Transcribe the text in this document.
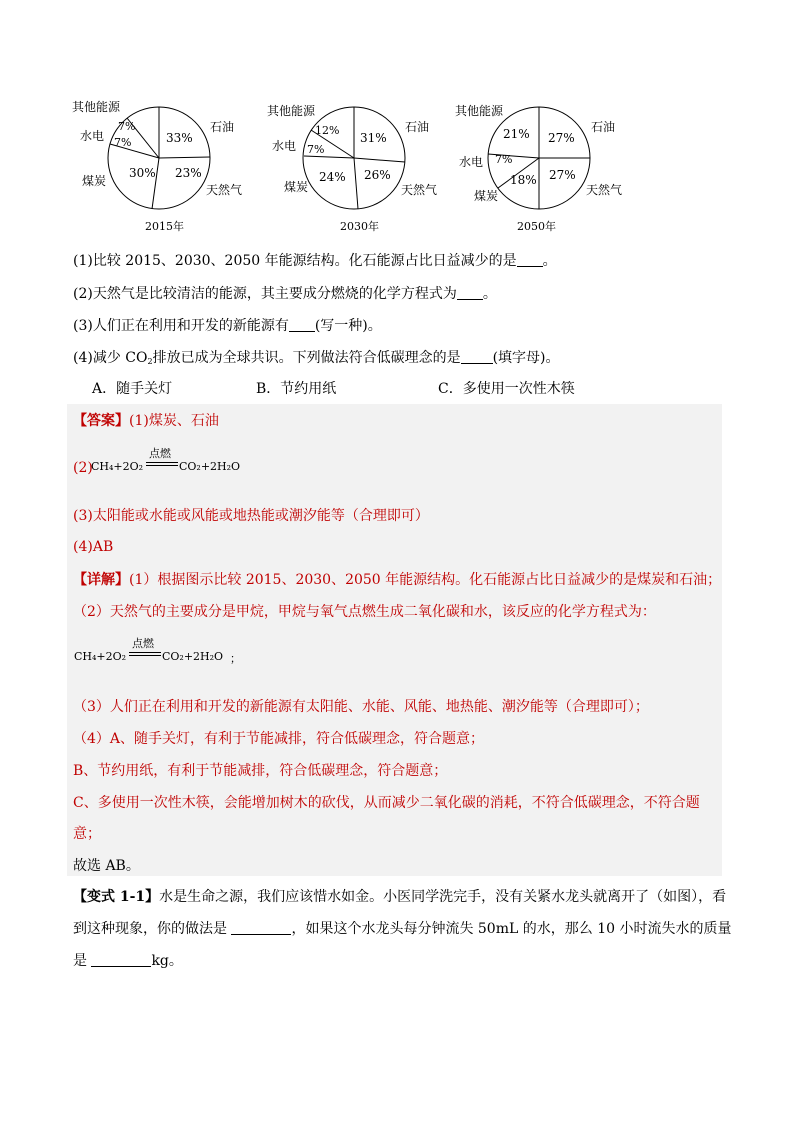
7%
7%	33%
23%
30%
其他能源
石油
水电
煤炭
天然气
2015年
12%
7%
31%
26%
24%
其他能源
石油
水电
煤炭	天然气
2030年
21%
7%
27%
27%
18%
其他能源
石油
水电
煤炭	天然气
2050年
(1)比较 2015、2030、2050 年能源结构。化石能源占比日益减少的是 。
(2)天然气是比较清洁的能源，其主要成分燃烧的化学方程式为 。
(3)人们正在利用和开发的新能源有 (写一种)。
(4)减少 $CO_2$排放已成为全球共识。下列做法符合低碳理念的是 (填字母)。
A．随手关灯	B．节约用纸	C．多使用一次性木筷
【答案】(1)煤炭、石油
(2)
CH₄+2O₂
点燃
CO₂+2H₂O
(3)太阳能或水能或风能或地热能或潮汐能等（合理即可）
(4)AB
【详解】(1）根据图示比较 2015、2030、2050 年能源结构。化石能源占比日益减少的是煤炭和石油；
（2）天然气的主要成分是甲烷，甲烷与氧气点燃生成二氧化碳和水，该反应的化学方程式为：
CH₄+2O₂
点燃
CO₂+2H₂O ；
（3）人们正在利用和开发的新能源有太阳能、水能、风能、地热能、潮汐能等（合理即可）；
（4）A、随手关灯，有利于节能减排，符合低碳理念，符合题意；
B、节约用纸，有利于节能减排，符合低碳理念，符合题意；
C、多使用一次性木筷，会能增加树木的砍伐，从而减少二氧化碳的消耗，不符合低碳理念，不符合题
意；
故选 AB。
【变式 1-1】水是生命之源，我们应该惜水如金。小医同学洗完手，没有关紧水龙头就离开了（如图），看
到这种现象，你的做法是	，如果这个水龙头每分钟流失 50mL 的水，那么 10 小时流失水的质量
是	kg。
